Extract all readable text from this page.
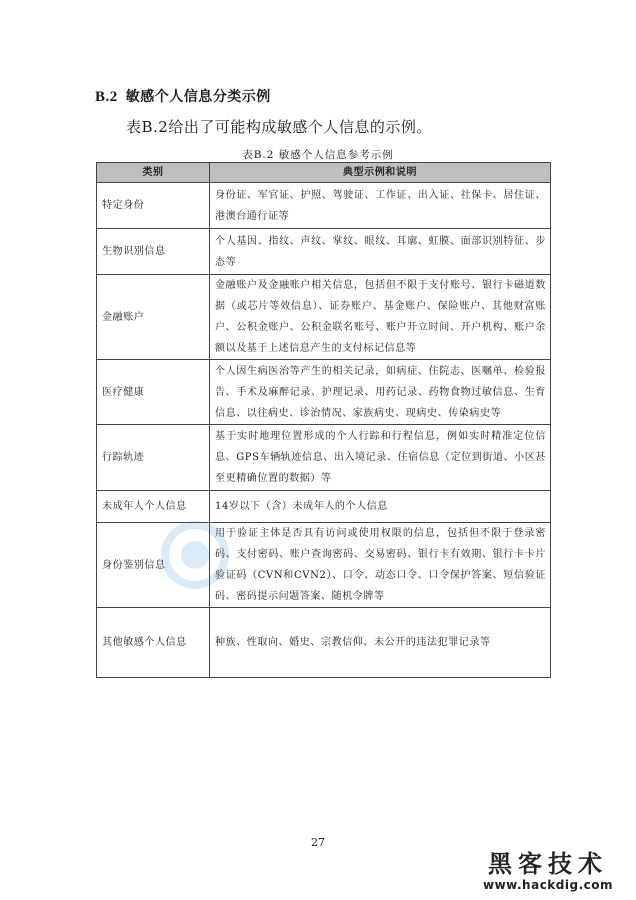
B.2 敏感个人信息分类示例
表B.2给出了可能构成敏感个人信息的示例。
表B.2 敏感个人信息参考示例
类别	典型示例和说明
特定身份	身份证、军官证、护照、驾驶证、工作证、出入证、社保卡、居住证、港澳台通行证等
生物识别信息	个人基因、指纹、声纹、掌纹、眼纹、耳廓、虹膜、面部识别特征、步态等
金融账户	金融账户及金融账户相关信息，包括但不限于支付账号、银行卡磁道数据（或芯片等效信息）、证券账户、基金账户、保险账户、其他财富账户、公积金账户、公积金联名账号、账户开立时间、开户机构、账户余额以及基于上述信息产生的支付标记信息等
医疗健康	个人因生病医治等产生的相关记录，如病症、住院志、医嘱单、检验报告、手术及麻醉记录、护理记录、用药记录、药物食物过敏信息、生育信息、以往病史、诊治情况、家族病史、现病史、传染病史等
行踪轨迹	基于实时地理位置形成的个人行踪和行程信息，例如实时精准定位信息、GPS车辆轨迹信息、出入境记录、住宿信息（定位到街道、小区甚至更精确位置的数据）等
未成年人个人信息	14岁以下（含）未成年人的个人信息
身份鉴别信息	用于验证主体是否具有访问或使用权限的信息，包括但不限于登录密码、支付密码、账户查询密码、交易密码、银行卡有效期、银行卡卡片验证码（CVN和CVN2）、口令、动态口令、口令保护答案、短信验证码、密码提示问题答案、随机令牌等
其他敏感个人信息	种族、性取向、婚史、宗教信仰、未公开的违法犯罪记录等
27
黑客技术
www.hackdig.com
